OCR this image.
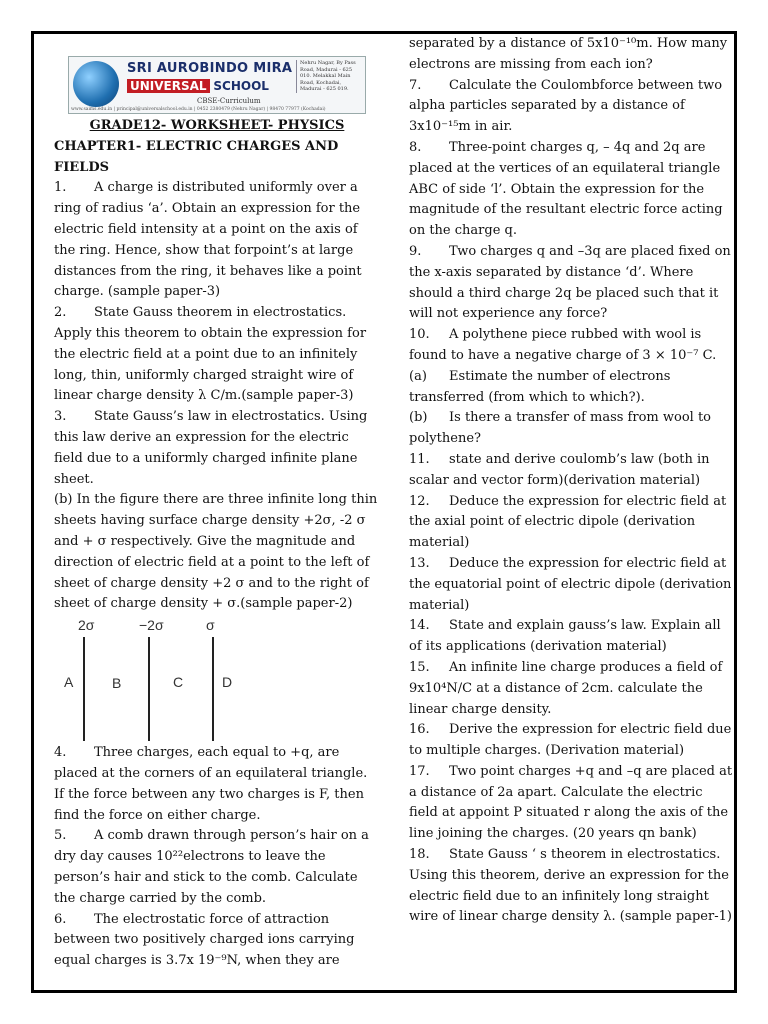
SRI AUROBINDO MIRA
UNIVERSAL SCHOOL
CBSE-Curriculum
Nehru Nagar, By Pass Road, Madurai - 625 010. Melakkal Main Road, Kochadai, Madurai - 625 019.
www.saims.edu.in | principal@universalschool.edu.in | 0452 2380479 (Nehru Nagar) | 98470 77977 (Kochadai)

GRADE12- WORKSHEET- PHYSICS

CHAPTER1- ELECTRIC CHARGES AND FIELDS

1. A charge is distributed uniformly over a ring of radius ‘a’. Obtain an expression for the electric field intensity at a point on the axis of the ring. Hence, show that forpoint’s at large distances from the ring, it behaves like a point charge. (sample paper-3)

2. State Gauss theorem in electrostatics. Apply this theorem to obtain the expression for the electric field at a point due to an infinitely long, thin, uniformly charged straight wire of linear charge density λ C/m.(sample paper-3)

3. State Gauss’s law in electrostatics. Using this law derive an expression for the electric field due to a uniformly charged infinite plane sheet.

(b) In the figure there are three infinite long thin sheets having surface charge density +2σ, -2 σ and + σ respectively. Give the magnitude and direction of electric field at a point to the left of sheet of charge density +2 σ and to the right of sheet of charge density + σ.(sample paper-2)

2σ	−2σ	σ
A	B	C	D

4. Three charges, each equal to +q, are placed at the corners of an equilateral triangle. If the force between any two charges is F, then find the force on either charge.

5. A comb drawn through person’s hair on a dry day causes 10²²electrons to leave the person’s hair and stick to the comb. Calculate the charge carried by the comb.

6. The electrostatic force of attraction between two positively charged ions carrying equal charges is 3.7x 19⁻⁹N, when they are

separated by a distance of 5x10⁻¹⁰m. How many electrons are missing from each ion?

7. Calculate the Coulombforce between two alpha particles separated by a distance of 3x10⁻¹⁵m in air.

8. Three-point charges q, – 4q and 2q are placed at the vertices of an equilateral triangle ABC of side ‘l’. Obtain the expression for the magnitude of the resultant electric force acting on the charge q.

9. Two charges q and –3q are placed fixed on the x-axis separated by distance ‘d’. Where should a third charge 2q be placed such that it will not experience any force?

10. A polythene piece rubbed with wool is found to have a negative charge of 3 × 10⁻⁷ C.

(a) Estimate the number of electrons transferred (from which to which?).

(b) Is there a transfer of mass from wool to polythene?

11. state and derive coulomb’s law (both in scalar and vector form)(derivation material)

12. Deduce the expression for electric field at the axial point of electric dipole (derivation material)

13. Deduce the expression for electric field at the equatorial point of electric dipole (derivation material)

14. State and explain gauss’s law. Explain all of its applications (derivation material)

15. An infinite line charge produces a field of 9x10⁴N/C at a distance of 2cm. calculate the linear charge density.

16. Derive the expression for electric field due to multiple charges. (Derivation material)

17. Two point charges +q and –q are placed at a distance of 2a apart. Calculate the electric field at appoint P situated r along the axis of the line joining the charges. (20 years qn bank)

18. State Gauss ‘ s theorem in electrostatics. Using this theorem, derive an expression for the electric field due to an infinitely long straight wire of linear charge density λ. (sample paper-1)
